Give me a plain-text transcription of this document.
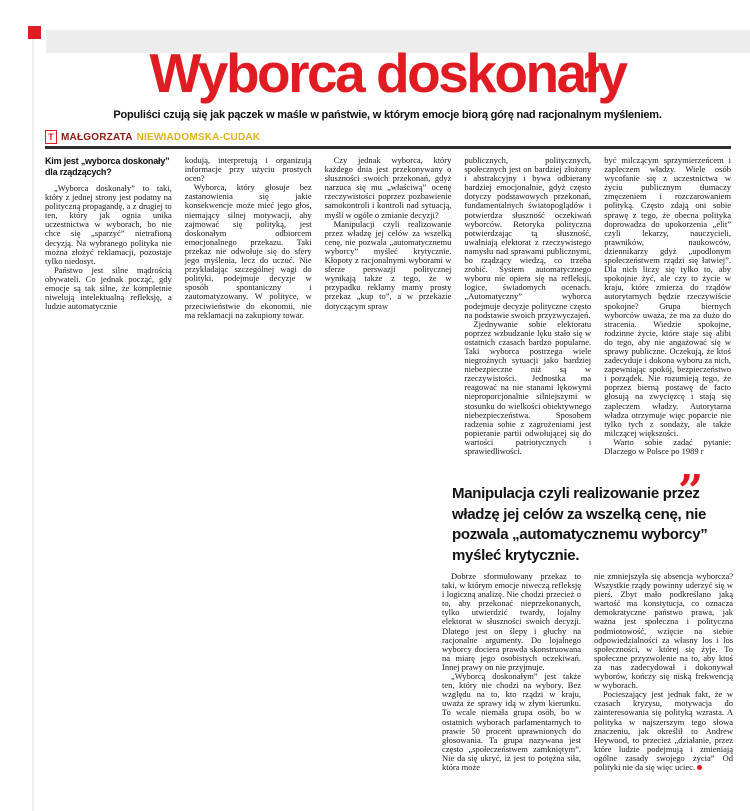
Wyborca doskonały

Populiści czują się jak pączek w maśle w państwie, w którym emocje biorą górę nad racjonalnym myśleniem.

T MAŁGORZATA NIEWIADOMSKA-CUDAK
Kim jest „wyborca doskonały” dla rządzących?

„Wyborca doskonały” to taki, który z jednej strony jest podatny na polityczną propagandę, a z drugiej to ten, który jak ognia unika uczestnictwa w wyborach, bo nie chce się „sparzyć” nietrafioną decyzją. Na wybranego polityka nie można złożyć reklamacji, pozostaje tylko niedosyt.

Państwo jest silne mądrością obywateli. Co jednak począć, gdy emocje są tak silne, że kompletnie niwelują intelektualną refleksję, a ludzie automatycznie

kodują, interpretują i organizują informacje przy użyciu prostych ocen?

Wyborca, który głosuje bez zastanowienia się jakie konsekwencje może mieć jego głos, niemający silnej motywacji, aby zajmować się polityką, jest doskonałym odbiorcem emocjonalnego przekazu. Taki przekaz nie odwołuje się do sfery jego myślenia, lecz do uczuć. Nie przykładając szczególnej wagi do polityki, podejmuje decyzje w sposób spontaniczny i zautomatyzowany. W polityce, w przeciwieństwie do ekonomii, nie ma reklamacji na zakupiony towar.

Czy jednak wyborca, który każdego dnia jest przekonywany o słuszności swoich przekonań, gdyż narzuca się mu „właściwą” ocenę rzeczywistości poprzez pozbawienie samokontroli i kontroli nad sytuacją, myśli w ogóle o zmianie decyzji?

Manipulacji czyli realizowanie przez władzę jej celów za wszelką cenę, nie pozwala „automatycznemu wyborcy” myśleć krytycznie. Kłopoty z racjonalnymi wyborami w sferze perswazji politycznej wynikają także z tego, że w przypadku reklamy mamy prosty przekaz „kup to”, a w przekazie dotyczącym spraw

publicznych, politycznych, społecznych jest on bardziej złożony i abstrakcyjny i bywa odbierany bardziej emocjonalnie, gdyż często dotyczy podstawowych przekonań, fundamentalnych światopoglądów i potwierdza słuszność oczekiwań wyborców. Retoryka polityczna potwierdzając tą słuszność, uwalniają elektorat z rzeczywistego namysłu nad sprawami publicznymi, bo rządzący wiedzą, co trzeba zrobić. System automatycznego wyboru nie opiera się na refleksji, logice, świadomych ocenach. „Automatyczny” wyborca podejmuje decyzje polityczne często na podstawie swoich przyzwyczajeń.

Zjednywanie sobie elektoratu poprzez wzbudzanie lęku stało się w ostatnich czasach bardzo popularne. Taki wyborca postrzega wiele niegroźnych sytuacji jako bardziej niebezpieczne niż są w rzeczywistości. Jednostka ma reagować na nie stanami lękowymi nieproporcjonalnie silniejszymi w stosunku do wielkości obiektywnego niebezpieczeństwa. Sposobem radzenia sobie z zagrożeniami jest popieranie partii odwołującej się do wartości patriotycznych i sprawiedliwości.

być milczącym sprzymierzeńcem i zapleczem władzy. Wiele osób wycofanie się z uczestnictwa w życiu publicznym tłumaczy zmęczeniem i rozczarowaniem polityką. Często zdają oni sobie sprawę z tego, że obecna polityka doprowadza do upokorzenia „elit” czyli lekarzy, nauczycieli, prawników, naukowców, dziennikarzy gdyż „upodlonym społeczeństwem rządzi się łatwiej”. Dla nich liczy się tylko to, aby spokojnie żyć, ale czy to życie w kraju, które zmierza do rządów autorytarnych będzie rzeczywiście spokojne? Grupa biernych wyborców uważa, że ma za dużo do stracenia. Wiedzie spokojne, rodzinne życie, które staje się alibi do tego, aby nie angażować się w sprawy publiczne. Oczekują, że ktoś zadecyduje i dokona wyboru za nich, zapewniając spokój, bezpieczeństwo i porządek. Nie rozumieją tego, że poprzez bierną postawę de facto głosują na zwycięzcę i stają się zapleczem władzy. Autorytarna władza otrzymuje więc poparcie nie tylko tych z sondaży, ale także milczącej większości.

Warto sobie zadać pytanie: Dlaczego w Polsce po 1989 r

”

Manipulacja czyli realizowanie przez władzę jej celów za wszelką cenę, nie pozwala „automatycznemu wyborcy” myśleć krytycznie.

Dobrze sformułowany przekaz to taki, w którym emocje niweczą refleksję i logiczną analizę. Nie chodzi przecież o to, aby przekonać nieprzekonanych, tylko utwierdzić twardy, lojalny elektorat w słuszności swoich decyzji. Dlatego jest on ślepy i głuchy na racjonalne argumenty. Do lojalnego wyborcy dociera prawda skonstruowana na miarę jego osobistych oczekiwań. Innej prawy on nie przyjmuje.

„Wyborcą doskonałym” jest także ten, który nie chodzi na wybory. Bez względu na to, kto rządzi w kraju, uważa że sprawy idą w złym kierunku. To wcale niemała grupa osób, bo w ostatnich wyborach parlamentarnych to prawie 50 procent uprawnionych do głosowania. Ta grupa nazywana jest często „społeczeństwem zamkniętym”. Nie da się ukryć, iż jest to potężna siła, która może

nie zmniejszyła się absencja wyborcza? Wszystkie rządy powinny uderzyć się w pierś. Zbyt mało podkreślano jaką wartość ma konstytucja, co oznacza demokratyczne państwo prawa, jak ważna jest społeczna i polityczna podmiotowość, wzięcie na siebie odpowiedzialności za własny los i los społeczności, w której się żyje. To społeczne przyzwolenie na to, aby ktoś za nas zadecydował i dokonywał wyborów, kończy się niską frekwencją w wyborach.

Pocieszający jest jednak fakt, że w czasach kryzysu, motywacja do zainteresowania się polityką wzrasta. A polityka w najszerszym tego słowa znaczeniu, jak określił to Andrew Heywood, to przecież „działanie, przez które ludzie podejmują i zmieniają ogólne zasady swojego życia” Od polityki nie da się więc uciec.
